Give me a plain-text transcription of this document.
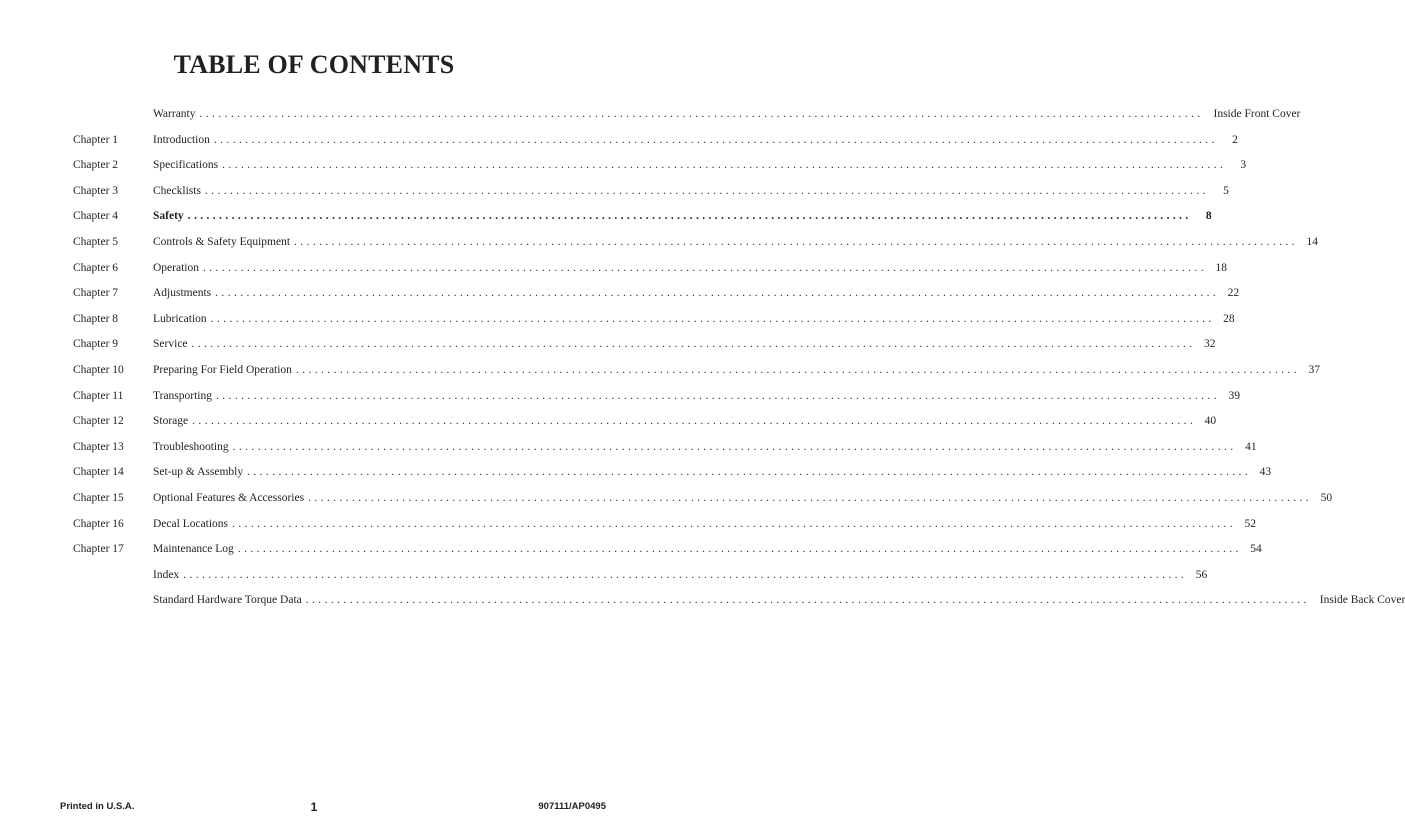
TABLE OF CONTENTS
Warranty ................................................................................................................................................................ Inside Front Cover
Chapter 1	Introduction ................................................................................................................................................................	2
Chapter 2	Specifications ................................................................................................................................................................	3
Chapter 3	Checklists ................................................................................................................................................................	5
Chapter 4	Safety ................................................................................................................................................................	8
Chapter 5	Controls & Safety Equipment ................................................................................................................................................................ 14
Chapter 6	Operation ................................................................................................................................................................ 18
Chapter 7	Adjustments ................................................................................................................................................................ 22
Chapter 8	Lubrication ................................................................................................................................................................ 28
Chapter 9	Service ................................................................................................................................................................ 32
Chapter 10	Preparing For Field Operation ................................................................................................................................................................ 37
Chapter 11	Transporting ................................................................................................................................................................ 39
Chapter 12	Storage ................................................................................................................................................................ 40
Chapter 13	Troubleshooting ................................................................................................................................................................ 41
Chapter 14	Set-up & Assembly ................................................................................................................................................................ 43
Chapter 15	Optional Features & Accessories ................................................................................................................................................................ 50
Chapter 16	Decal Locations ................................................................................................................................................................ 52
Chapter 17	Maintenance Log ................................................................................................................................................................ 54
Index ................................................................................................................................................................ 56
Standard Hardware Torque Data ................................................................................................................................................................ Inside Back Cover
Printed in U.S.A.	1	907111/AP0495
